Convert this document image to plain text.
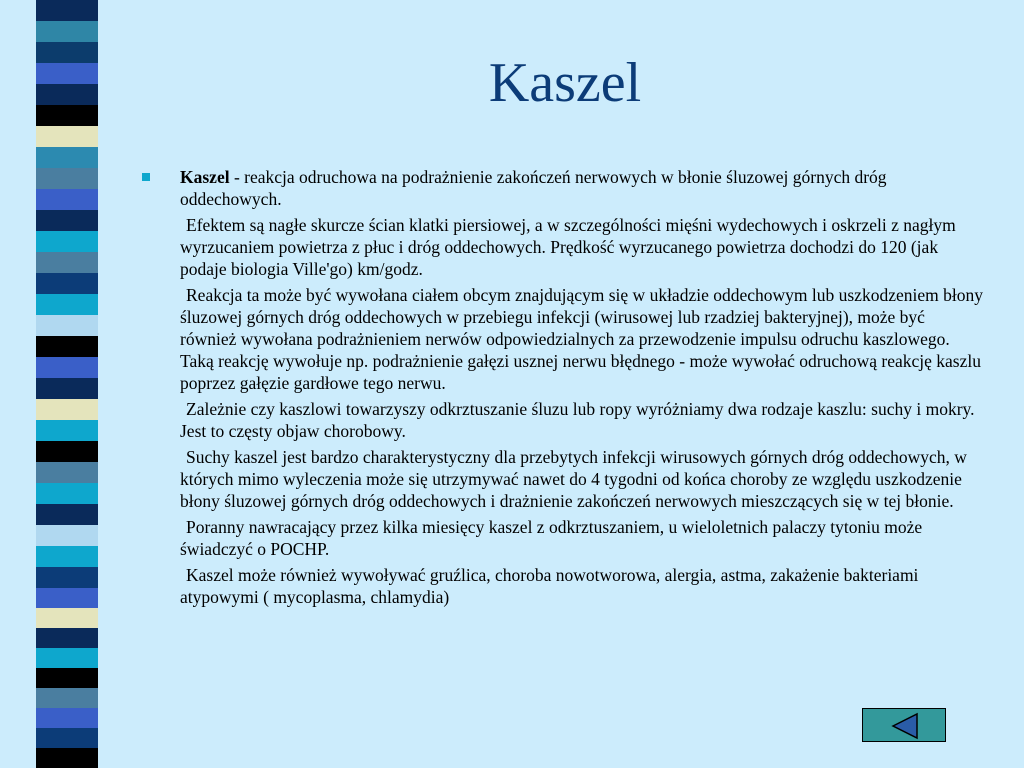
Kaszel

Kaszel - reakcja odruchowa na podrażnienie zakończeń nerwowych w błonie śluzowej górnych dróg oddechowych.

Efektem są nagłe skurcze ścian klatki piersiowej, a w szczególności mięśni wydechowych i oskrzeli z nagłym wyrzucaniem powietrza z płuc i dróg oddechowych. Prędkość wyrzucanego powietrza dochodzi do 120 (jak podaje biologia Ville'go) km/godz.

Reakcja ta może być wywołana ciałem obcym znajdującym się w układzie oddechowym lub uszkodzeniem błony śluzowej górnych dróg oddechowych w przebiegu infekcji (wirusowej lub rzadziej bakteryjnej), może być również wywołana podrażnieniem nerwów odpowiedzialnych za przewodzenie impulsu odruchu kaszlowego. Taką reakcję wywołuje np. podrażnienie gałęzi usznej nerwu błędnego - może wywołać odruchową reakcję kaszlu poprzez gałęzie gardłowe tego nerwu.

Zależnie czy kaszlowi towarzyszy odkrztuszanie śluzu lub ropy wyróżniamy dwa rodzaje kaszlu: suchy i mokry. Jest to częsty objaw chorobowy.

Suchy kaszel jest bardzo charakterystyczny dla przebytych infekcji wirusowych górnych dróg oddechowych, w których mimo wyleczenia może się utrzymywać nawet do 4 tygodni od końca choroby ze względu uszkodzenie błony śluzowej górnych dróg oddechowych i drażnienie zakończeń nerwowych mieszczących się w tej błonie.

Poranny nawracający przez kilka miesięcy kaszel z odkrztuszaniem, u wieloletnich palaczy tytoniu może świadczyć o POCHP.

Kaszel może również wywoływać gruźlica, choroba nowotworowa, alergia, astma, zakażenie bakteriami atypowymi ( mycoplasma, chlamydia)
